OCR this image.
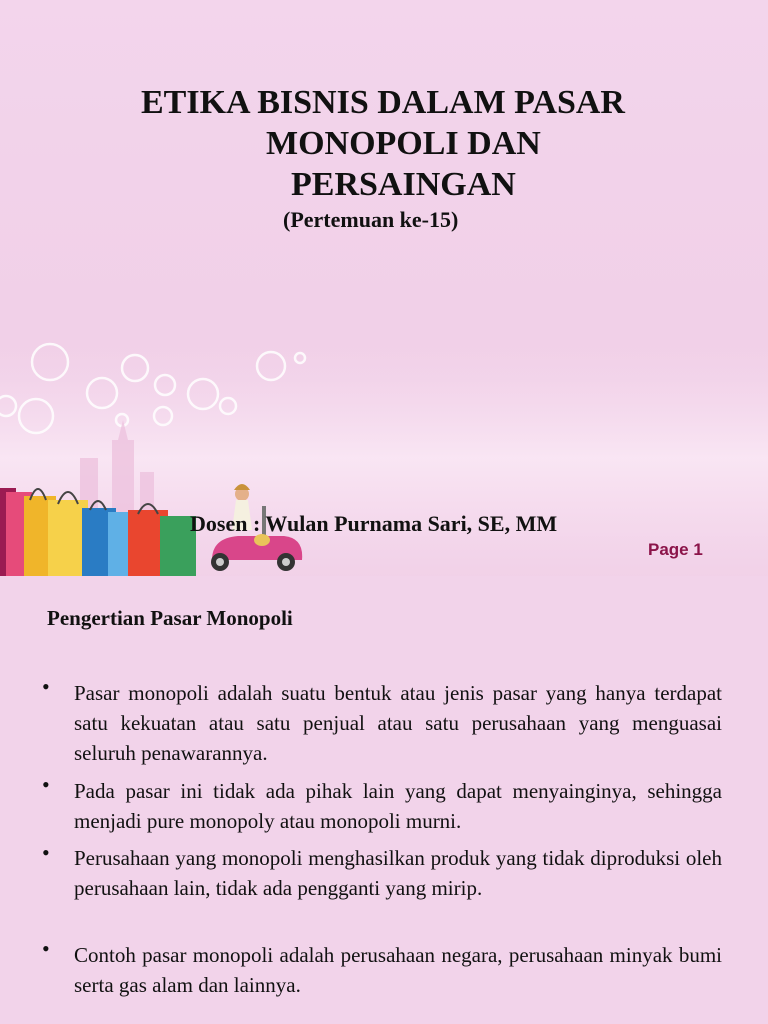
ETIKA BISNIS DALAM PASAR
MONOPOLI DAN
PERSAINGAN
(Pertemuan ke-15)
Dosen : Wulan Purnama Sari, SE, MM
Page 1
Pengertian Pasar Monopoli
• Pasar monopoli adalah suatu bentuk atau jenis pasar yang hanya terdapat satu kekuatan atau satu penjual atau satu perusahaan yang menguasai seluruh penawarannya.
• Pada pasar ini tidak ada pihak lain yang dapat menyainginya, sehingga menjadi pure monopoly atau monopoli murni.
• Perusahaan yang monopoli menghasilkan produk yang tidak diproduksi oleh perusahaan lain, tidak ada pengganti yang mirip.
• Contoh pasar monopoli adalah perusahaan negara, perusahaan minyak bumi serta gas alam dan lainnya.
